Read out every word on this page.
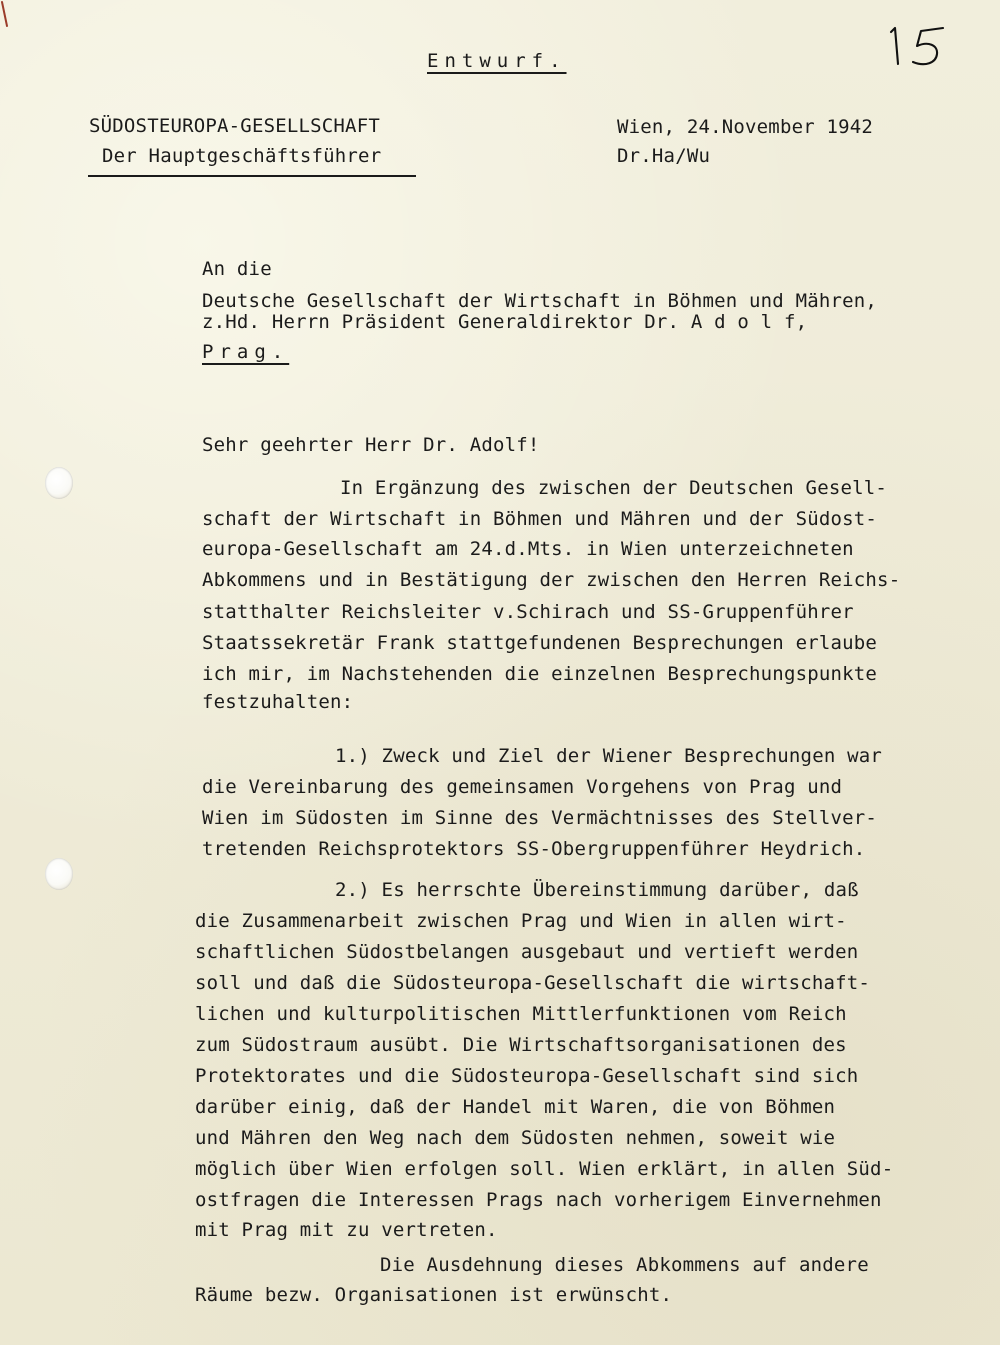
Entwurf.
SÜDOSTEUROPA-GESELLSCHAFT
Der Hauptgeschäftsführer
Wien, 24.November 1942
Dr.Ha/Wu
An die
Deutsche Gesellschaft der Wirtschaft in Böhmen und Mähren,
z.Hd. Herrn Präsident Generaldirektor Dr. A d o l f,
Prag.
Sehr geehrter Herr Dr. Adolf!
In Ergänzung des zwischen der Deutschen Gesell-
schaft der Wirtschaft in Böhmen und Mähren und der Südost-
europa-Gesellschaft am 24.d.Mts. in Wien unterzeichneten
Abkommens und in Bestätigung der zwischen den Herren Reichs-
statthalter Reichsleiter v.Schirach und SS-Gruppenführer
Staatssekretär Frank stattgefundenen Besprechungen erlaube
ich mir, im Nachstehenden die einzelnen Besprechungspunkte
festzuhalten:
1.) Zweck und Ziel der Wiener Besprechungen war
die Vereinbarung des gemeinsamen Vorgehens von Prag und
Wien im Südosten im Sinne des Vermächtnisses des Stellver-
tretenden Reichsprotektors SS-Obergruppenführer Heydrich.
2.) Es herrschte Übereinstimmung darüber, daß
die Zusammenarbeit zwischen Prag und Wien in allen wirt-
schaftlichen Südostbelangen ausgebaut und vertieft werden
soll und daß die Südosteuropa-Gesellschaft die wirtschaft-
lichen und kulturpolitischen Mittlerfunktionen vom Reich
zum Südostraum ausübt. Die Wirtschaftsorganisationen des
Protektorates und die Südosteuropa-Gesellschaft sind sich
darüber einig, daß der Handel mit Waren, die von Böhmen
und Mähren den Weg nach dem Südosten nehmen, soweit wie
möglich über Wien erfolgen soll. Wien erklärt, in allen Süd-
ostfragen die Interessen Prags nach vorherigem Einvernehmen
mit Prag mit zu vertreten.
Die Ausdehnung dieses Abkommens auf andere
Räume bezw. Organisationen ist erwünscht.
